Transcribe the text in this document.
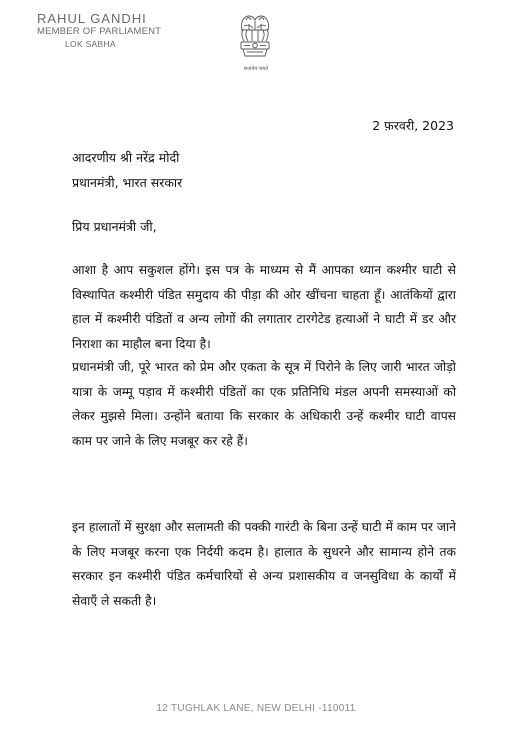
RAHUL GANDHI
MEMBER OF PARLIAMENT
LOK SABHA
सत्यमेव जयते
2 फ़रवरी, 2023
आदरणीय श्री नरेंद्र मोदी
प्रधानमंत्री, भारत सरकार
प्रिय प्रधानमंत्री जी,

आशा है आप सकुशल होंगे। इस पत्र के माध्यम से मैं आपका ध्यान कश्मीर घाटी से विस्थापित कश्मीरी पंडित समुदाय की पीड़ा की ओर खींचना चाहता हूँ। आतंकियों द्वारा हाल में कश्मीरी पंडितों व अन्य लोगों की लगातार टारगेटेड हत्याओं ने घाटी में डर और निराशा का माहौल बना दिया है।

प्रधानमंत्री जी, पूरे भारत को प्रेम और एकता के सूत्र में पिरोने के लिए जारी भारत जोड़ो यात्रा के जम्मू पड़ाव में कश्मीरी पंडितों का एक प्रतिनिधि मंडल अपनी समस्याओं को लेकर मुझसे मिला। उन्होंने बताया कि सरकार के अधिकारी उन्हें कश्मीर घाटी वापस काम पर जाने के लिए मजबूर कर रहे हैं।

इन हालातों में सुरक्षा और सलामती की पक्की गारंटी के बिना उन्हें घाटी में काम पर जाने के लिए मजबूर करना एक निर्दयी कदम है। हालात के सुधरने और सामान्य होने तक सरकार इन कश्मीरी पंडित कर्मचारियों से अन्य प्रशासकीय व जनसुविधा के कार्यों में सेवाएँ ले सकती है।

12 TUGHLAK LANE, NEW DELHI -110011
